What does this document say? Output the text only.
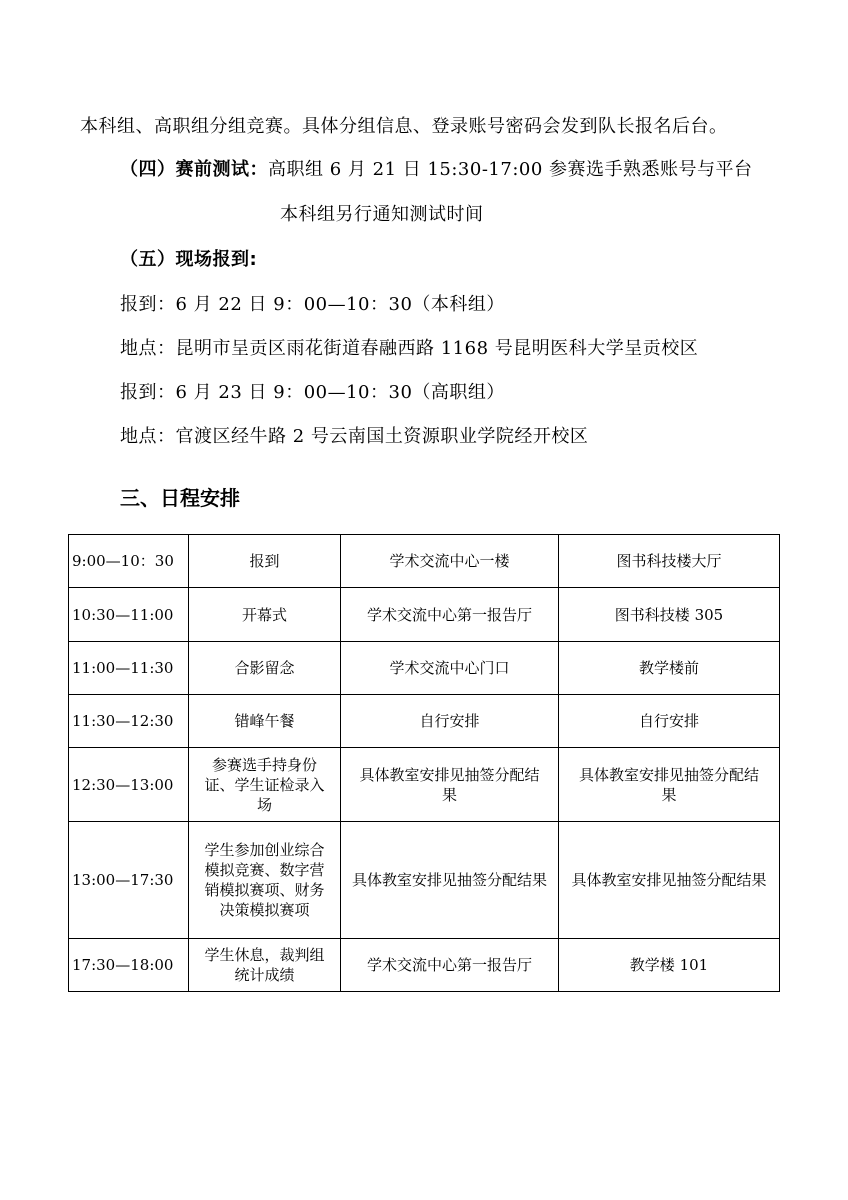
本科组、高职组分组竞赛。具体分组信息、登录账号密码会发到队长报名后台。
（四）赛前测试：高职组 6 月 21 日 15:30-17:00 参赛选手熟悉账号与平台
本科组另行通知测试时间
（五）现场报到:
报到：6 月 22 日 9：00—10：30（本科组）
地点：昆明市呈贡区雨花街道春融西路 1168 号昆明医科大学呈贡校区
报到：6 月 23 日 9：00—10：30（高职组）
地点：官渡区经牛路 2 号云南国土资源职业学院经开校区
三、日程安排
9:00—10：30	报到	学术交流中心一楼	图书科技楼大厅
10:30—11:00	开幕式	学术交流中心第一报告厅	图书科技楼 305
11:00—11:30	合影留念	学术交流中心门口	教学楼前
11:30—12:30	错峰午餐	自行安排	自行安排
12:30—13:00	参赛选手持身份证、学生证检录入场	具体教室安排见抽签分配结果	具体教室安排见抽签分配结果
13:00—17:30	学生参加创业综合模拟竞赛、数字营销模拟赛项、财务决策模拟赛项	具体教室安排见抽签分配结果	具体教室安排见抽签分配结果
17:30—18:00	学生休息，裁判组统计成绩	学术交流中心第一报告厅	教学楼 101
